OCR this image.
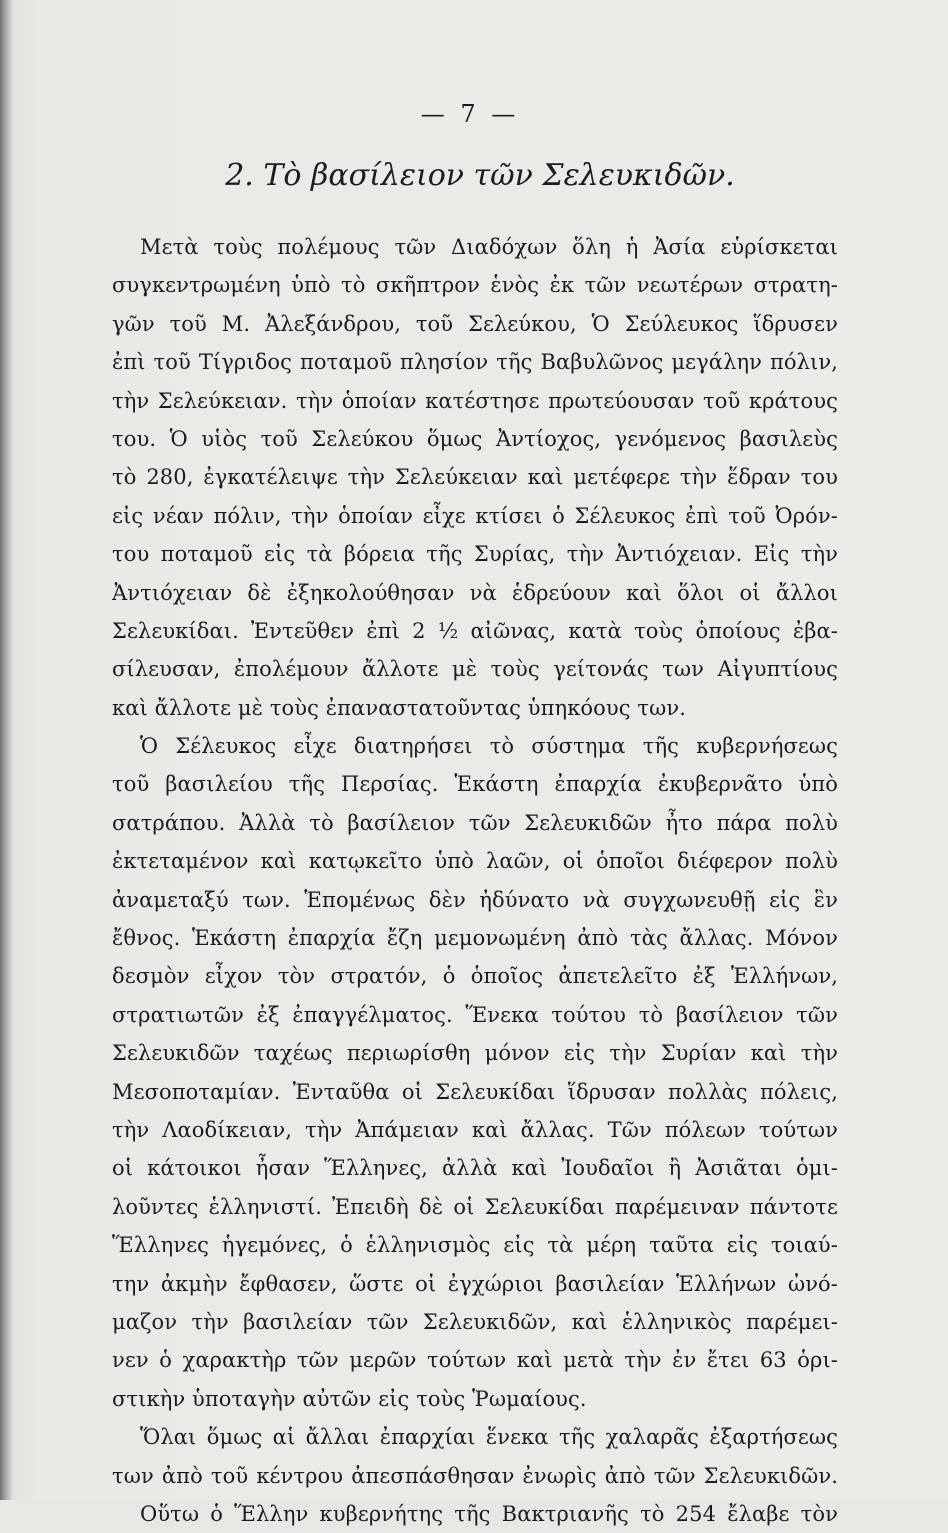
— 7 —
2. Τὸ βασίλειον τῶν Σελευκιδῶν.
Μετὰ τοὺς πολέμους τῶν Διαδόχων ὅλη ἡ Ἀσία εὑρίσκεται
συγκεντρωμένη ὑπὸ τὸ σκῆπτρον ἑνὸς ἐκ τῶν νεωτέρων στρατη-
γῶν τοῦ Μ. Ἀλεξάνδρου, τοῦ Σελεύκου, Ὁ Σεύλευκος ἵδρυσεν
ἐπὶ τοῦ Τίγριδος ποταμοῦ πλησίον τῆς Βαβυλῶνος μεγάλην πόλιν,
τὴν Σελεύκειαν. τὴν ὁποίαν κατέστησε πρωτεύουσαν τοῦ κράτους
του. Ὁ υἱὸς τοῦ Σελεύκου ὅμως Ἀντίοχος, γενόμενος βασιλεὺς
τὸ 280, ἐγκατέλειψε τὴν Σελεύκειαν καὶ μετέφερε τὴν ἕδραν του
εἰς νέαν πόλιν, τὴν ὁποίαν εἶχε κτίσει ὁ Σέλευκος ἐπὶ τοῦ Ὀρόν-
του ποταμοῦ εἰς τὰ βόρεια τῆς Συρίας, τὴν Ἀντιόχειαν. Εἰς τὴν
Ἀντιόχειαν δὲ ἐξηκολούθησαν νὰ ἑδρεύουν καὶ ὅλοι οἱ ἄλλοι
Σελευκίδαι. Ἐντεῦθεν ἐπὶ 2 ½ αἰῶνας, κατὰ τοὺς ὁποίους ἐβα-
σίλευσαν, ἐπολέμουν ἄλλοτε μὲ τοὺς γείτονάς των Αἰγυπτίους
καὶ ἄλλοτε μὲ τοὺς ἐπαναστατοῦντας ὑπηκόους των.
Ὁ Σέλευκος εἶχε διατηρήσει τὸ σύστημα τῆς κυβερνήσεως
τοῦ βασιλείου τῆς Περσίας. Ἑκάστη ἐπαρχία ἐκυβερνᾶτο ὑπὸ
σατράπου. Ἀλλὰ τὸ βασίλειον τῶν Σελευκιδῶν ἦτο πάρα πολὺ
ἐκτεταμένον καὶ κατῳκεῖτο ὑπὸ λαῶν, οἱ ὁποῖοι διέφερον πολὺ
ἀναμεταξύ των. Ἑπομένως δὲν ἠδύνατο νὰ συγχωνευθῇ εἰς ἓν
ἔθνος. Ἑκάστη ἐπαρχία ἔζη μεμονωμένη ἀπὸ τὰς ἄλλας. Μόνον
δεσμὸν εἶχον τὸν στρατόν, ὁ ὁποῖος ἀπετελεῖτο ἐξ Ἑλλήνων,
στρατιωτῶν ἐξ ἐπαγγέλματος. Ἕνεκα τούτου τὸ βασίλειον τῶν
Σελευκιδῶν ταχέως περιωρίσθη μόνον εἰς τὴν Συρίαν καὶ τὴν
Μεσοποταμίαν. Ἐνταῦθα οἱ Σελευκίδαι ἵδρυσαν πολλὰς πόλεις,
τὴν Λαοδίκειαν, τὴν Ἀπάμειαν καὶ ἄλλας. Τῶν πόλεων τούτων
οἱ κάτοικοι ἦσαν Ἕλληνες, ἀλλὰ καὶ Ἰουδαῖοι ἢ Ἀσιᾶται ὁμι-
λοῦντες ἑλληνιστί. Ἐπειδὴ δὲ οἱ Σελευκίδαι παρέμειναν πάντοτε
Ἕλληνες ἡγεμόνες, ὁ ἑλληνισμὸς εἰς τὰ μέρη ταῦτα εἰς τοιαύ-
την ἀκμὴν ἔφθασεν, ὥστε οἱ ἐγχώριοι βασιλείαν Ἑλλήνων ὠνό-
μαζον τὴν βασιλείαν τῶν Σελευκιδῶν, καὶ ἑλληνικὸς παρέμει-
νεν ὁ χαρακτὴρ τῶν μερῶν τούτων καὶ μετὰ τὴν ἐν ἔτει 63 ὁρι-
στικὴν ὑποταγὴν αὐτῶν εἰς τοὺς Ῥωμαίους.
Ὅλαι ὅμως αἱ ἄλλαι ἐπαρχίαι ἕνεκα τῆς χαλαρᾶς ἐξαρτήσεως
των ἀπὸ τοῦ κέντρου ἀπεσπάσθησαν ἐνωρὶς ἀπὸ τῶν Σελευκιδῶν.
Οὕτω ὁ Ἕλλην κυβερνήτης τῆς Βακτριανῆς τὸ 254 ἔλαβε τὸν
